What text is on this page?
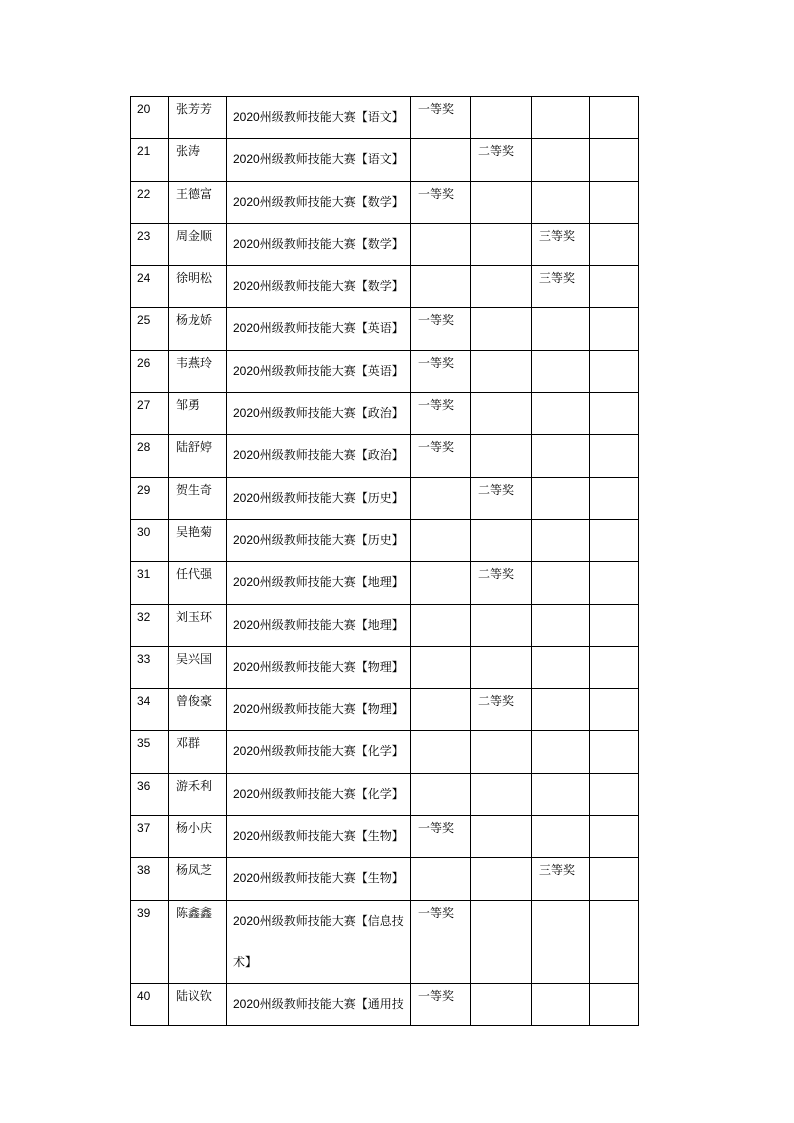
20	张芳芳	2020州级教师技能大赛【语文】	一等奖			
21	张涛	2020州级教师技能大赛【语文】		二等奖		
22	王德富	2020州级教师技能大赛【数学】	一等奖			
23	周金顺	2020州级教师技能大赛【数学】			三等奖	
24	徐明松	2020州级教师技能大赛【数学】			三等奖	
25	杨龙娇	2020州级教师技能大赛【英语】	一等奖			
26	韦燕玲	2020州级教师技能大赛【英语】	一等奖			
27	邹勇	2020州级教师技能大赛【政治】	一等奖			
28	陆舒婷	2020州级教师技能大赛【政治】	一等奖			
29	贺生奇	2020州级教师技能大赛【历史】		二等奖		
30	吴艳菊	2020州级教师技能大赛【历史】				
31	任代强	2020州级教师技能大赛【地理】		二等奖		
32	刘玉环	2020州级教师技能大赛【地理】				
33	吴兴国	2020州级教师技能大赛【物理】				
34	曾俊豪	2020州级教师技能大赛【物理】		二等奖		
35	邓群	2020州级教师技能大赛【化学】				
36	游禾利	2020州级教师技能大赛【化学】				
37	杨小庆	2020州级教师技能大赛【生物】	一等奖			
38	杨凤芝	2020州级教师技能大赛【生物】			三等奖	
39	陈鑫鑫	2020州级教师技能大赛【信息技术】	一等奖			
40	陆议钦	2020州级教师技能大赛【通用技	一等奖			
